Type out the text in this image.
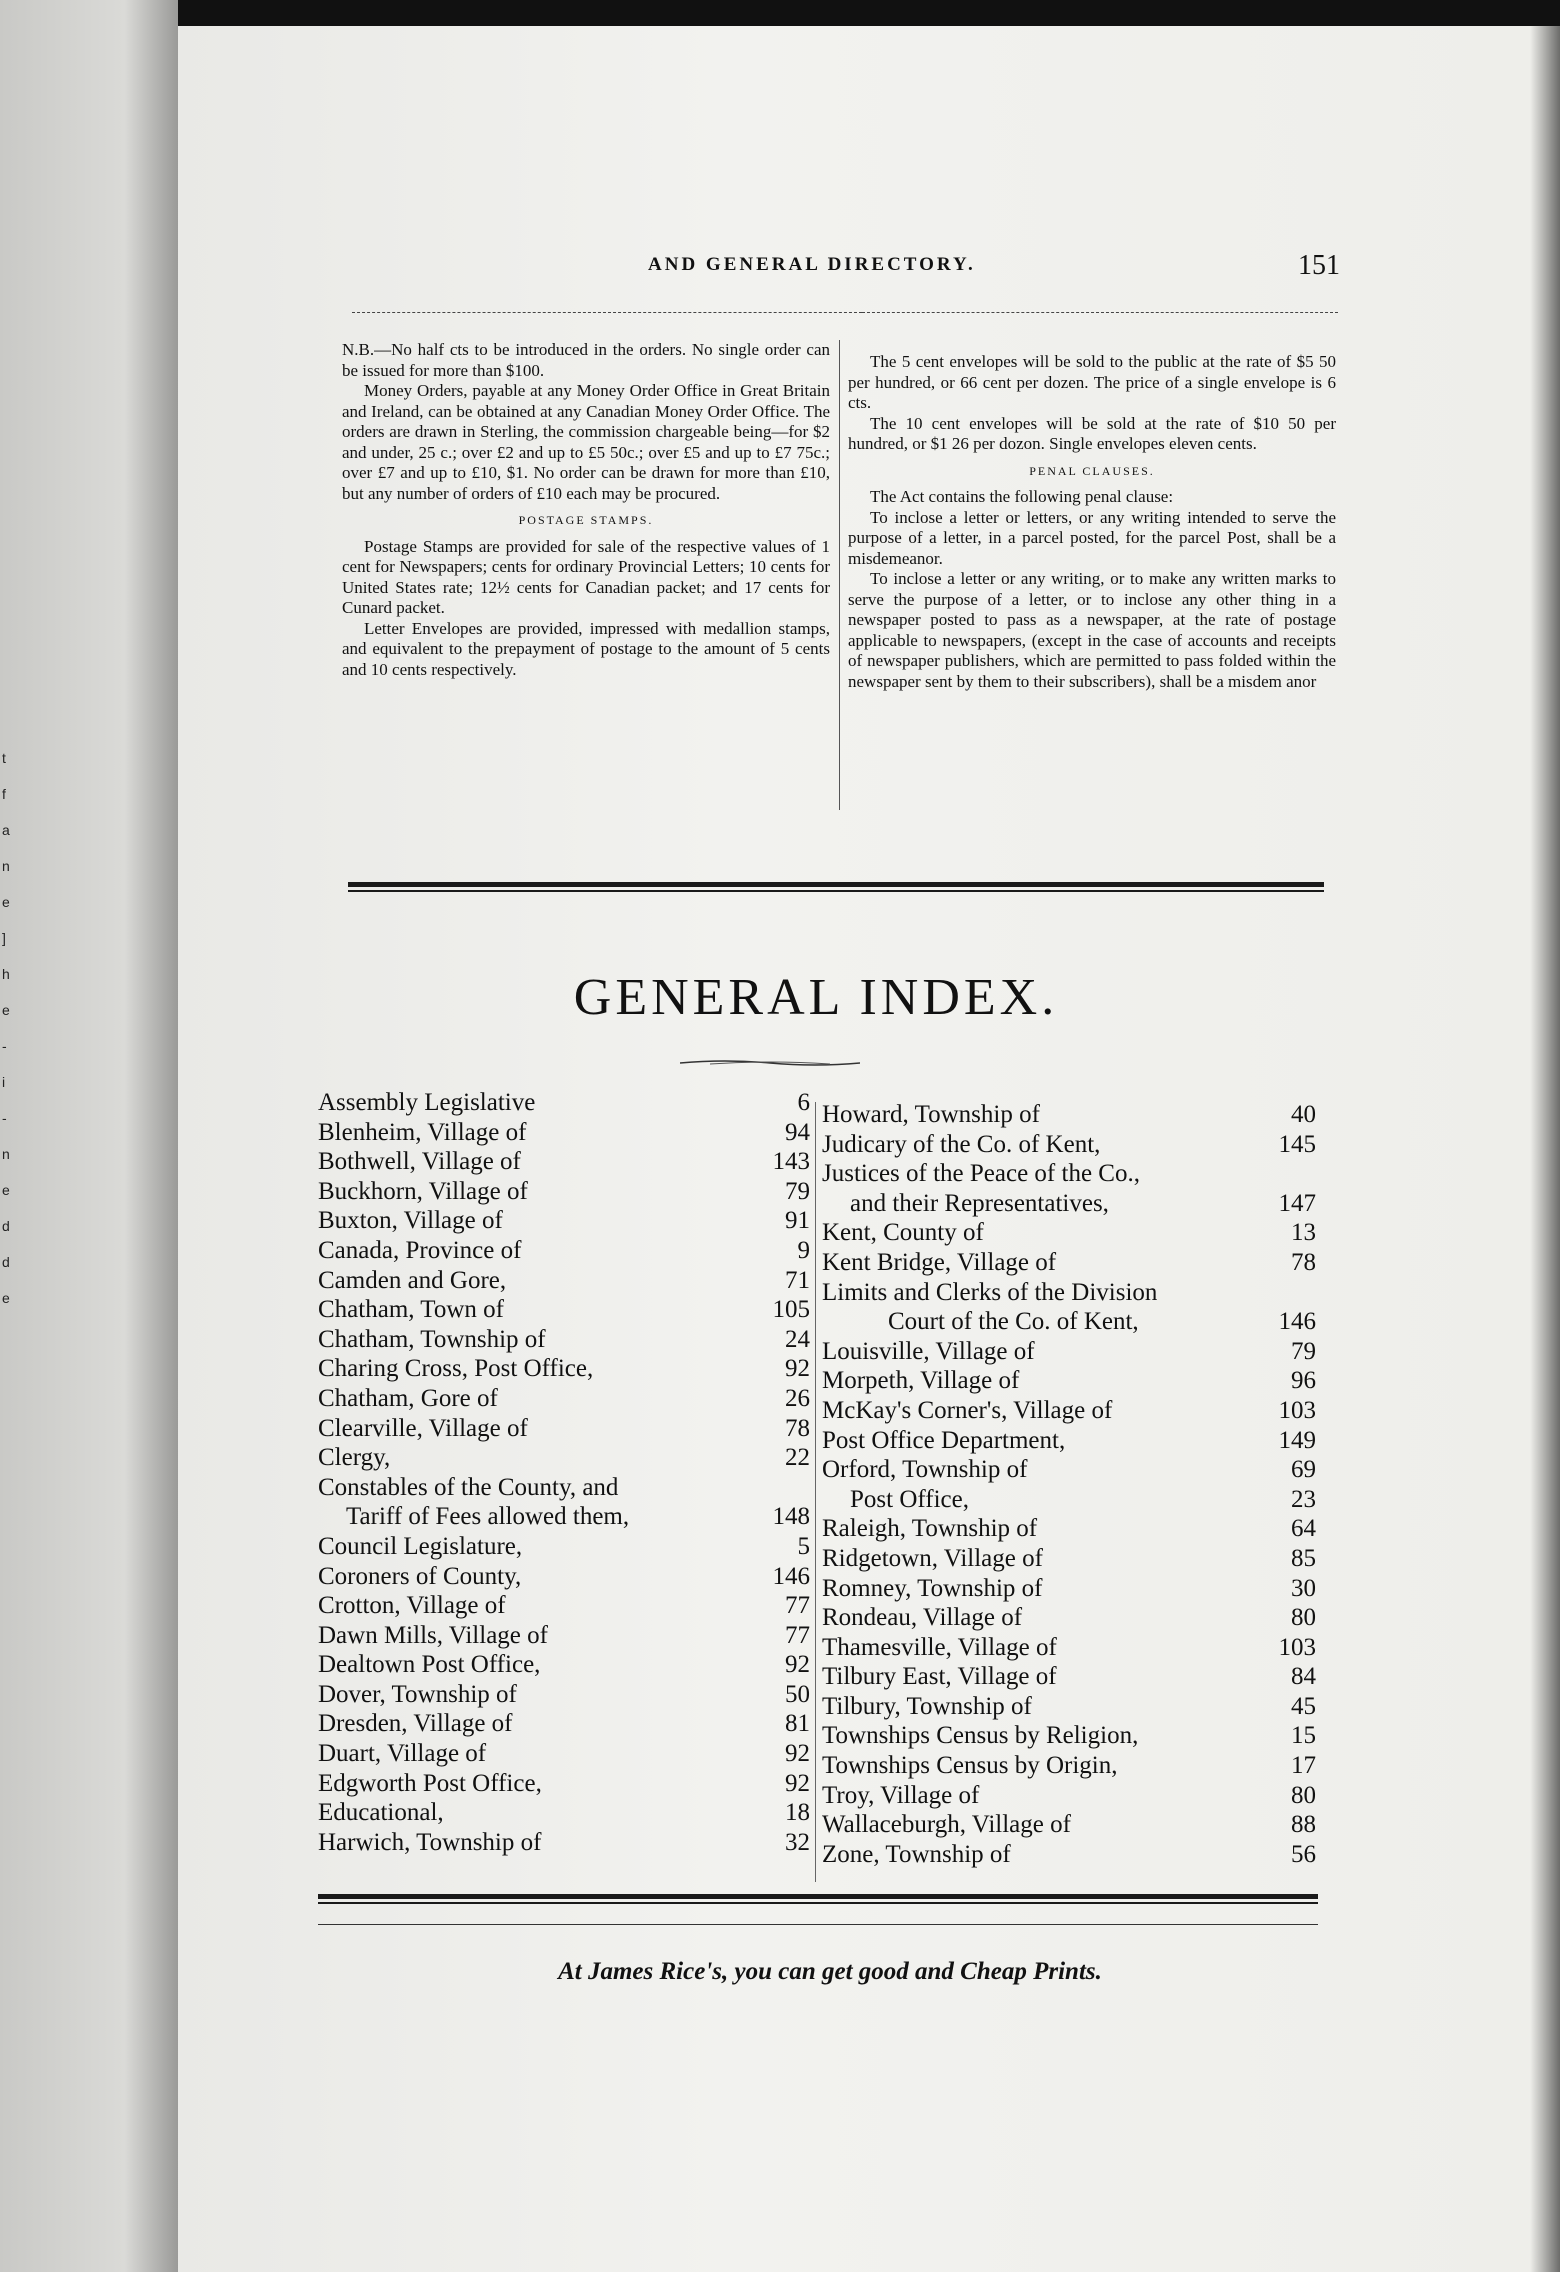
t
f
a
n
e
]
h
e
-
i
-
n
e
d
d
e
AND GENERAL DIRECTORY.	151

N.B.—No half cts to be introduced in the orders. No single order can be issued for more than $100.

Money Orders, payable at any Money Order Office in Great Britain and Ireland, can be obtained at any Canadian Money Order Office. The orders are drawn in Sterling, the commission chargeable being—for $2 and under, 25 c.; over £2 and up to £5 50c.; over £5 and up to £7 75c.; over £7 and up to £10, $1. No order can be drawn for more than £10, but any number of orders of £10 each may be procured.

POSTAGE STAMPS.

Postage Stamps are provided for sale of the respective values of 1 cent for Newspapers; cents for ordinary Provincial Letters; 10 cents for United States rate; 12½ cents for Canadian packet; and 17 cents for Cunard packet.

Letter Envelopes are provided, impressed with medallion stamps, and equivalent to the prepayment of postage to the amount of 5 cents and 10 cents respectively.

The 5 cent envelopes will be sold to the public at the rate of $5 50 per hundred, or 66 cent per dozen. The price of a single envelope is 6 cts.

The 10 cent envelopes will be sold at the rate of $10 50 per hundred, or $1 26 per dozon. Single envelopes eleven cents.

PENAL CLAUSES.

The Act contains the following penal clause:

To inclose a letter or letters, or any writing intended to serve the purpose of a letter, in a parcel posted, for the parcel Post, shall be a misdemeanor.

To inclose a letter or any writing, or to make any written marks to serve the purpose of a letter, or to inclose any other thing in a newspaper posted to pass as a newspaper, at the rate of postage applicable to newspapers, (except in the case of accounts and receipts of newspaper publishers, which are permitted to pass folded within the newspaper sent by them to their subscribers), shall be a misdem anor

GENERAL INDEX.
Assembly Legislative	6
Blenheim, Village of	94
Bothwell, Village of	143
Buckhorn, Village of	79
Buxton, Village of	91
Canada, Province of	9
Camden and Gore,	71
Chatham, Town of	105
Chatham, Township of	24
Charing Cross, Post Office,	92
Chatham, Gore of	26
Clearville, Village of	78
Clergy,	22
Constables of the County, and
Tariff of Fees allowed them,	148
Council Legislature,	5
Coroners of County,	146
Crotton, Village of	77
Dawn Mills, Village of	77
Dealtown Post Office,	92
Dover, Township of	50
Dresden, Village of	81
Duart, Village of	92
Edgworth Post Office,	92
Educational,	18
Harwich, Township of	32
Howard, Township of	40
Judicary of the Co. of Kent,	145
Justices of the Peace of the Co.,
and their Representatives,	147
Kent, County of	13
Kent Bridge, Village of	78
Limits and Clerks of the Division
Court of the Co. of Kent,	146
Louisville, Village of	79
Morpeth, Village of	96
McKay's Corner's, Village of	103
Post Office Department,	149
Orford, Township of	69
Post Office,	23
Raleigh, Township of	64
Ridgetown, Village of	85
Romney, Township of	30
Rondeau, Village of	80
Thamesville, Village of	103
Tilbury East, Village of	84
Tilbury, Township of	45
Townships Census by Religion,	15
Townships Census by Origin,	17
Troy, Village of	80
Wallaceburgh, Village of	88
Zone, Township of	56
At James Rice's, you can get good and Cheap Prints.
